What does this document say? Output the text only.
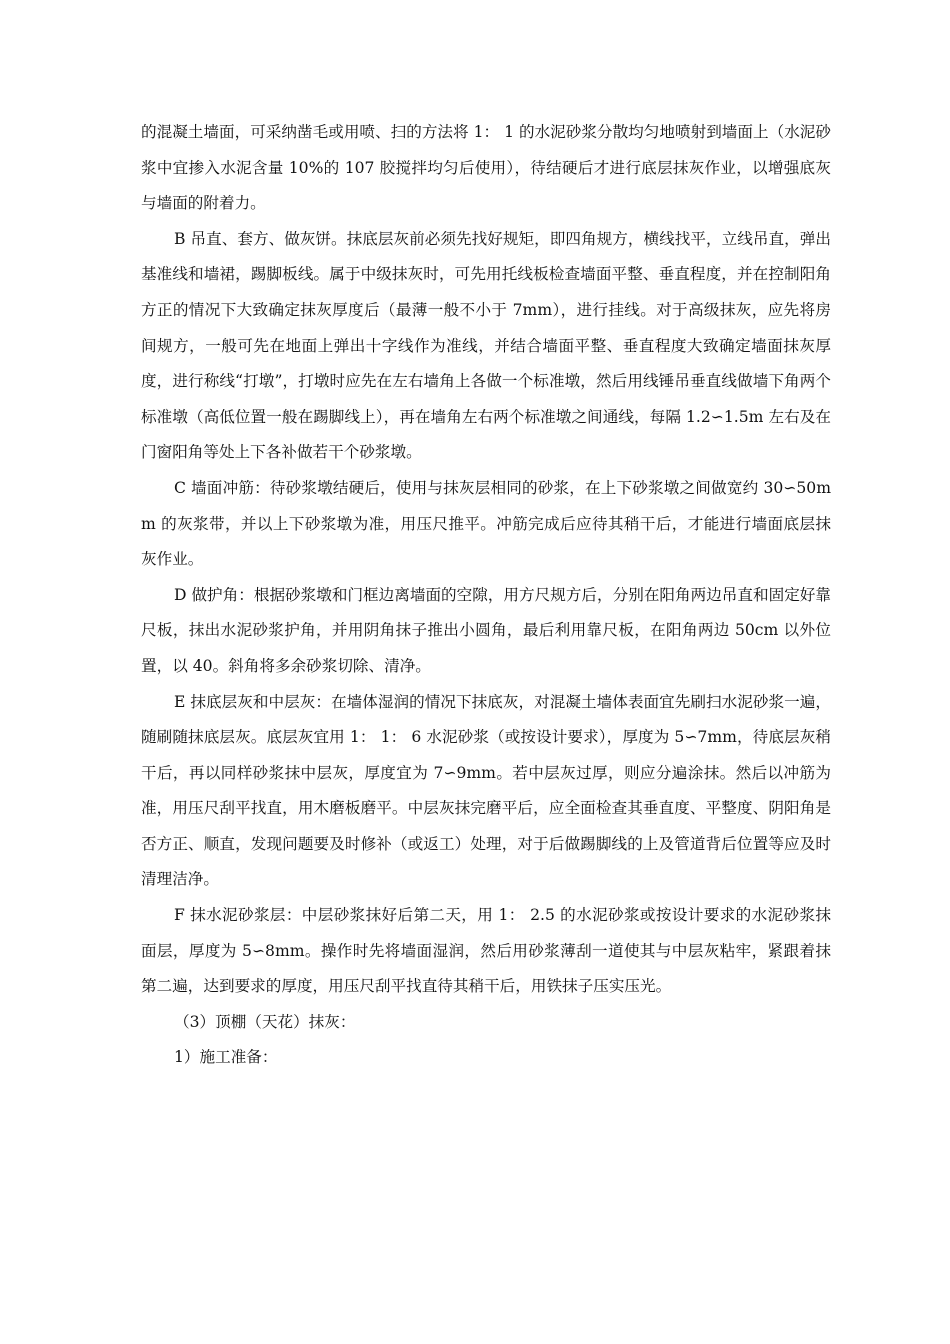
的混凝土墙面，可采纳凿毛或用喷、扫的方法将 1： 1 的水泥砂浆分散均匀地喷射到墙面上（水泥砂浆中宜掺入水泥含量 10%的 107 胶搅拌均匀后使用），待结硬后才进行底层抹灰作业，以增强底灰与墙面的附着力。

B 吊直、套方、做灰饼。抹底层灰前必须先找好规矩，即四角规方，横线找平，立线吊直，弹出基准线和墙裙，踢脚板线。属于中级抹灰时，可先用托线板检查墙面平整、垂直程度，并在控制阳角方正的情况下大致确定抹灰厚度后（最薄一般不小于 7mm），进行挂线。对于高级抹灰，应先将房间规方，一般可先在地面上弹出十字线作为准线，并结合墙面平整、垂直程度大致确定墙面抹灰厚度，进行称线“打墩”，打墩时应先在左右墙角上各做一个标准墩，然后用线锤吊垂直线做墙下角两个标准墩（高低位置一般在踢脚线上），再在墙角左右两个标准墩之间通线，每隔 1.2∽1.5m 左右及在门窗阳角等处上下各补做若干个砂浆墩。

C 墙面冲筋：待砂浆墩结硬后，使用与抹灰层相同的砂浆，在上下砂浆墩之间做宽约 30∽50mm 的灰浆带，并以上下砂浆墩为准，用压尺推平。冲筋完成后应待其稍干后，才能进行墙面底层抹灰作业。

D 做护角：根据砂浆墩和门框边离墙面的空隙，用方尺规方后，分别在阳角两边吊直和固定好靠尺板，抹出水泥砂浆护角，并用阴角抹子推出小圆角，最后利用靠尺板，在阳角两边 50cm 以外位置，以 40。斜角将多余砂浆切除、清净。

E 抹底层灰和中层灰：在墙体湿润的情况下抹底灰，对混凝土墙体表面宜先刷扫水泥砂浆一遍，随刷随抹底层灰。底层灰宜用 1： 1： 6 水泥砂浆（或按设计要求），厚度为 5∽7mm，待底层灰稍干后，再以同样砂浆抹中层灰，厚度宜为 7∽9mm。若中层灰过厚，则应分遍涂抹。然后以冲筋为准，用压尺刮平找直，用木磨板磨平。中层灰抹完磨平后，应全面检查其垂直度、平整度、阴阳角是否方正、顺直，发现问题要及时修补（或返工）处理，对于后做踢脚线的上及管道背后位置等应及时清理洁净。

F 抹水泥砂浆层：中层砂浆抹好后第二天，用 1： 2.5 的水泥砂浆或按设计要求的水泥砂浆抹面层，厚度为 5∽8mm。操作时先将墙面湿润，然后用砂浆薄刮一道使其与中层灰粘牢，紧跟着抹第二遍，达到要求的厚度，用压尺刮平找直待其稍干后，用铁抹子压实压光。

（3）顶棚（天花）抹灰：

1）施工准备：
